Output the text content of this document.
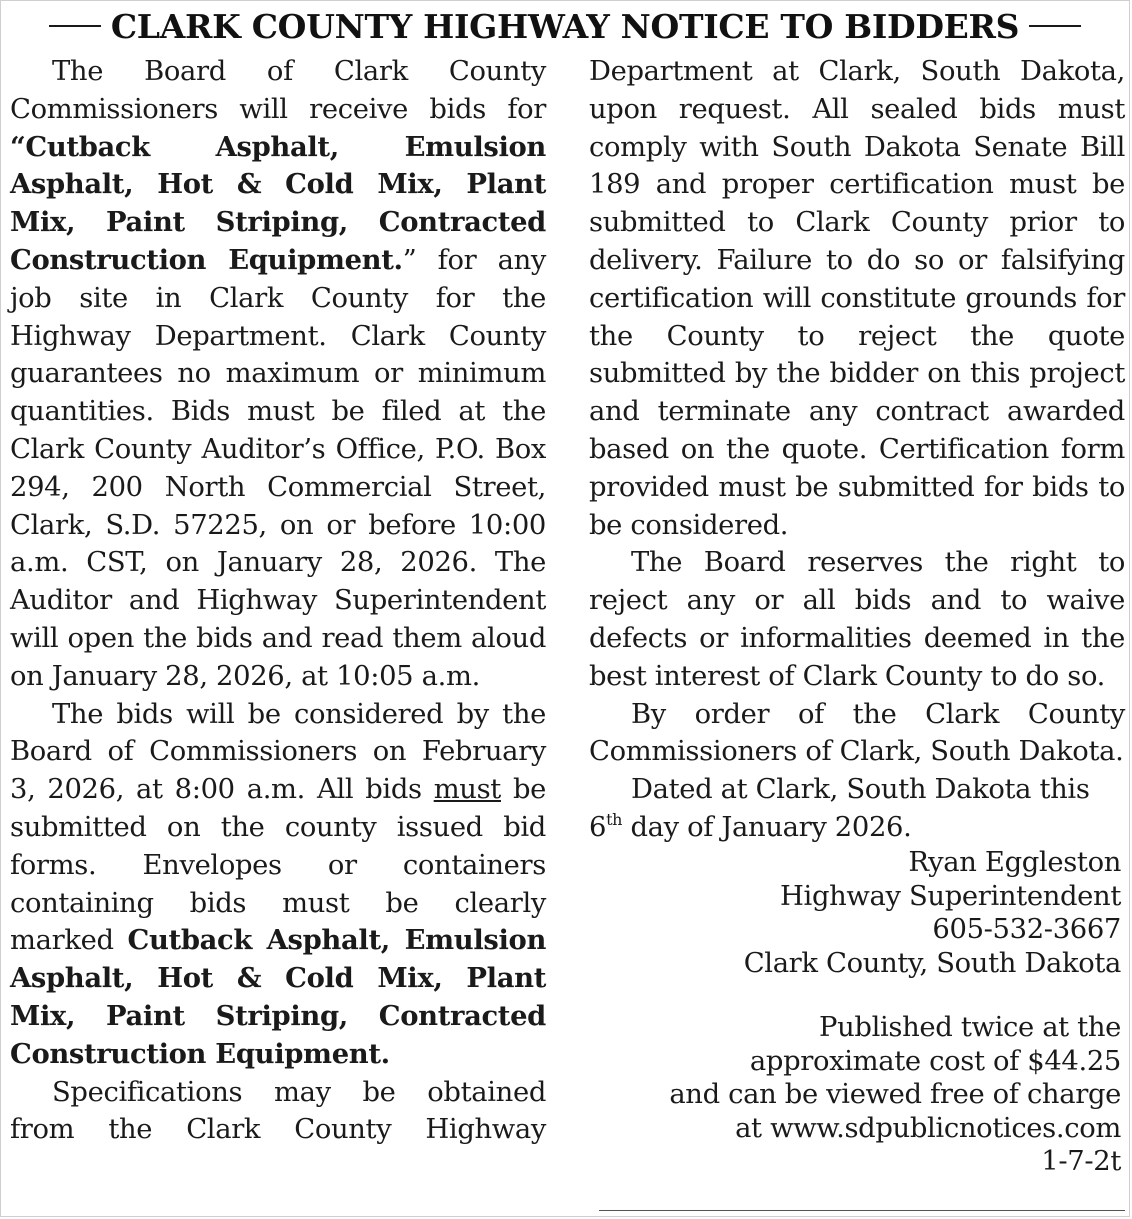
CLARK COUNTY HIGHWAY NOTICE TO BIDDERS

The Board of Clark County Commissioners will receive bids for “Cutback Asphalt, Emulsion Asphalt, Hot & Cold Mix, Plant Mix, Paint Striping, Contracted Construction Equipment.” for any job site in Clark County for the Highway Department. Clark County guarantees no maximum or minimum quantities. Bids must be filed at the Clark County Auditor’s Office, P.O. Box 294, 200 North Commercial Street, Clark, S.D. 57225, on or before 10:00 a.m. CST, on January 28, 2026. The Auditor and Highway Superintendent will open the bids and read them aloud on January 28, 2026, at 10:05 a.m.

The bids will be considered by the Board of Commissioners on February 3, 2026, at 8:00 a.m. All bids must be submitted on the county issued bid forms. Envelopes or containers containing bids must be clearly marked Cutback Asphalt, Emulsion Asphalt, Hot & Cold Mix, Plant Mix, Paint Striping, Contracted Construction Equipment.

Specifications may be obtained from the Clark County Highway

Department at Clark, South Dakota, upon request. All sealed bids must comply with South Dakota Senate Bill 189 and proper certification must be submitted to Clark County prior to delivery. Failure to do so or falsifying certification will constitute grounds for the County to reject the quote submitted by the bidder on this project and terminate any contract awarded based on the quote. Certification form provided must be submitted for bids to be considered.

The Board reserves the right to reject any or all bids and to waive defects or informalities deemed in the best interest of Clark County to do so.

By order of the Clark County Commissioners of Clark, South Dakota.

Dated at Clark, South Dakota this 6th day of January 2026.

Ryan Eggleston
Highway Superintendent
605-532-3667
Clark County, South Dakota
Published twice at the
approximate cost of $44.25
and can be viewed free of charge
at www.sdpublicnotices.com
1-7-2t
